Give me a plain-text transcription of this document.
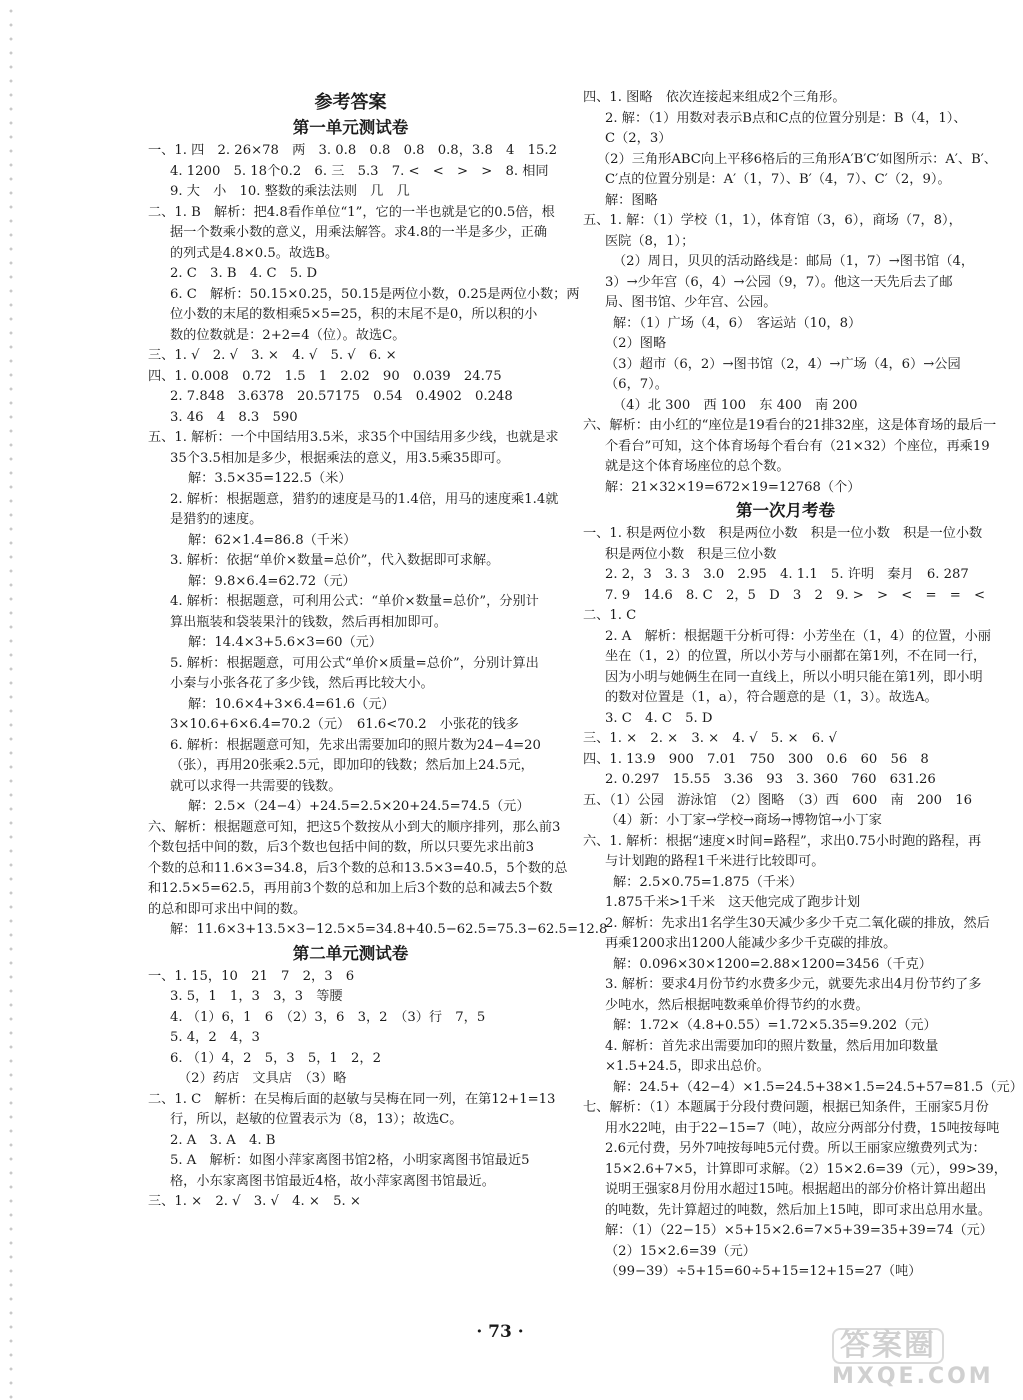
参考答案
第一单元测试卷
一、1. 四　2. 26×78　两　3. 0.8　0.8　0.8　0.8，3.8　4　15.2
4. 1200　5. 18个0.2　6. 三　5.3　7. <　<　>　>　8. 相同
9. 大　小　10. 整数的乘法法则　几　几
二、1. B　解析：把4.8看作单位“1”，它的一半也就是它的0.5倍，根
据一个数乘小数的意义，用乘法解答。求4.8的一半是多少，正确
的列式是4.8×0.5。故选B。
2. C　3. B　4. C　5. D
6. C　解析：50.15×0.25，50.15是两位小数，0.25是两位小数；两
位小数的末尾的数相乘5×5=25，积的末尾不是0，所以积的小
数的位数就是：2+2=4（位）。故选C。
三、1. √　2. √　3. ×　4. √　5. √　6. ×
四、1. 0.008　0.72　1.5　1　2.02　90　0.039　24.75
2. 7.848　3.6378　20.57175　0.54　0.4902　0.248
3. 46　4　8.3　590
五、1. 解析：一个中国结用3.5米，求35个中国结用多少线，也就是求
35个3.5相加是多少，根据乘法的意义，用3.5乘35即可。
解：3.5×35=122.5（米）
2. 解析：根据题意，猎豹的速度是马的1.4倍，用马的速度乘1.4就
是猎豹的速度。
解：62×1.4=86.8（千米）
3. 解析：依据“单价×数量=总价”，代入数据即可求解。
解：9.8×6.4=62.72（元）
4. 解析：根据题意，可利用公式：“单价×数量=总价”，分别计
算出瓶装和袋装果汁的钱数，然后再相加即可。
解：14.4×3+5.6×3=60（元）
5. 解析：根据题意，可用公式“单价×质量=总价”，分别计算出
小秦与小张各花了多少钱，然后再比较大小。
解：10.6×4+3×6.4=61.6（元）
3×10.6+6×6.4=70.2（元）　61.6<70.2　小张花的钱多
6. 解析：根据题意可知，先求出需要加印的照片数为24−4=20
（张），再用20张乘2.5元，即加印的钱数；然后加上24.5元，
就可以求得一共需要的钱数。
解：2.5×（24−4）+24.5=2.5×20+24.5=74.5（元）
六、解析：根据题意可知，把这5个数按从小到大的顺序排列，那么前3
个数包括中间的数，后3个数也包括中间的数，所以只要先求出前3
个数的总和11.6×3=34.8，后3个数的总和13.5×3=40.5，5个数的总
和12.5×5=62.5，再用前3个数的总和加上后3个数的总和减去5个数
的总和即可求出中间的数。
解：11.6×3+13.5×3−12.5×5=34.8+40.5−62.5=75.3−62.5=12.8
第二单元测试卷
一、1. 15，10　21　7　2，3　6
3. 5，1　1，3　3，3　等腰
4. （1）6，1　6　（2）3，6　3，2　（3）行　7，5
5. 4，2　4，3
6. （1）4，2　5，3　5，1　2，2
（2）药店　文具店　（3）略
二、1. C　解析：在吴梅后面的赵敏与吴梅在同一列，在第12+1=13
行，所以，赵敏的位置表示为（8，13）；故选C。
2. A　3. A　4. B
5. A　解析：如图小萍家离图书馆2格，小明家离图书馆最近5
格，小东家离图书馆最近4格，故小萍家离图书馆最近。
三、1. ×　2. √　3. √　4. ×　5. ×
四、1. 图略　依次连接起来组成2个三角形。
2. 解：（1）用数对表示B点和C点的位置分别是：B（4，1）、
C（2，3）
（2）三角形ABC向上平移6格后的三角形A′B′C′如图所示：A′、B′、
C′点的位置分别是：A′（1，7）、B′（4，7）、C′（2，9）。
解：图略
五、1. 解：（1）学校（1，1），体育馆（3，6），商场（7，8），
医院（8，1）；
（2）周日，贝贝的活动路线是：邮局（1，7）→图书馆（4，
3）→少年宫（6，4）→公园（9，7）。他这一天先后去了邮
局、图书馆、少年宫、公园。
解：（1）广场（4，6）　客运站（10，8）
（2）图略
（3）超市（6，2）→图书馆（2，4）→广场（4，6）→公园
（6，7）。
（4）北 300　西 100　东 400　南 200
六、解析：由小红的“座位是19看台的21排32座，这是体育场的最后一
个看台”可知，这个体育场每个看台有（21×32）个座位，再乘19
就是这个体育场座位的总个数。
解：21×32×19=672×19=12768（个）
第一次月考卷
一、1. 积是两位小数　积是两位小数　积是一位小数　积是一位小数
积是两位小数　积是三位小数
2. 2，3　3. 3　3.0　2.95　4. 1.1　5. 许明　秦月　6. 287
7. 9　14.6　8. C　2，5　D　3　2　9. >　>　<　=　=　<
二、1. C
2. A　解析：根据题干分析可得：小芳坐在（1，4）的位置，小丽
坐在（1，2）的位置，所以小芳与小丽都在第1列，不在同一行，
因为小明与她俩生在同一直线上，所以小明只能在第1列，即小明
的数对位置是（1，a），符合题意的是（1，3）。故选A。
3. C　4. C　5. D
三、1. ×　2. ×　3. ×　4. √　5. ×　6. √
四、1. 13.9　900　7.01　750　300　0.6　60　56　8
2. 0.297　15.55　3.36　93　3. 360　760　631.26
五、（1）公园　游泳馆　（2）图略　（3）西　600　南　200　16
（4）新：小丁家→学校→商场→博物馆→小丁家
六、1. 解析：根据“速度×时间=路程”，求出0.75小时跑的路程，再
与计划跑的路程1千米进行比较即可。
解：2.5×0.75=1.875（千米）
1.875千米>1千米　这天他完成了跑步计划
2. 解析：先求出1名学生30天减少多少千克二氧化碳的排放，然后
再乘1200求出1200人能减少多少千克碳的排放。
解：0.096×30×1200=2.88×1200=3456（千克）
3. 解析：要求4月份节约水费多少元，就要先求出4月份节约了多
少吨水，然后根据吨数乘单价得节约的水费。
解：1.72×（4.8+0.55）=1.72×5.35=9.202（元）
4. 解析：首先求出需要加印的照片数量，然后用加印数量
×1.5+24.5，即求出总价。
解：24.5+（42−4）×1.5=24.5+38×1.5=24.5+57=81.5（元）
七、解析：（1）本题属于分段付费问题，根据已知条件，王丽家5月份
用水22吨，由于22−15=7（吨），故应分两部分付费，15吨按每吨
2.6元付费，另外7吨按每吨5元付费。所以王丽家应缴费列式为：
15×2.6+7×5，计算即可求解。（2）15×2.6=39（元），99>39，
说明王强家8月份用水超过15吨。根据超出的部分价格计算出超出
的吨数，先计算超过的吨数，然后加上15吨，即可求出总用水量。
解：（1）（22−15）×5+15×2.6=7×5+39=35+39=74（元）
（2）15×2.6=39（元）
（99−39）÷5+15=60÷5+15=12+15=27（吨）
· 73 ·	答案圈
MXQE.COM
